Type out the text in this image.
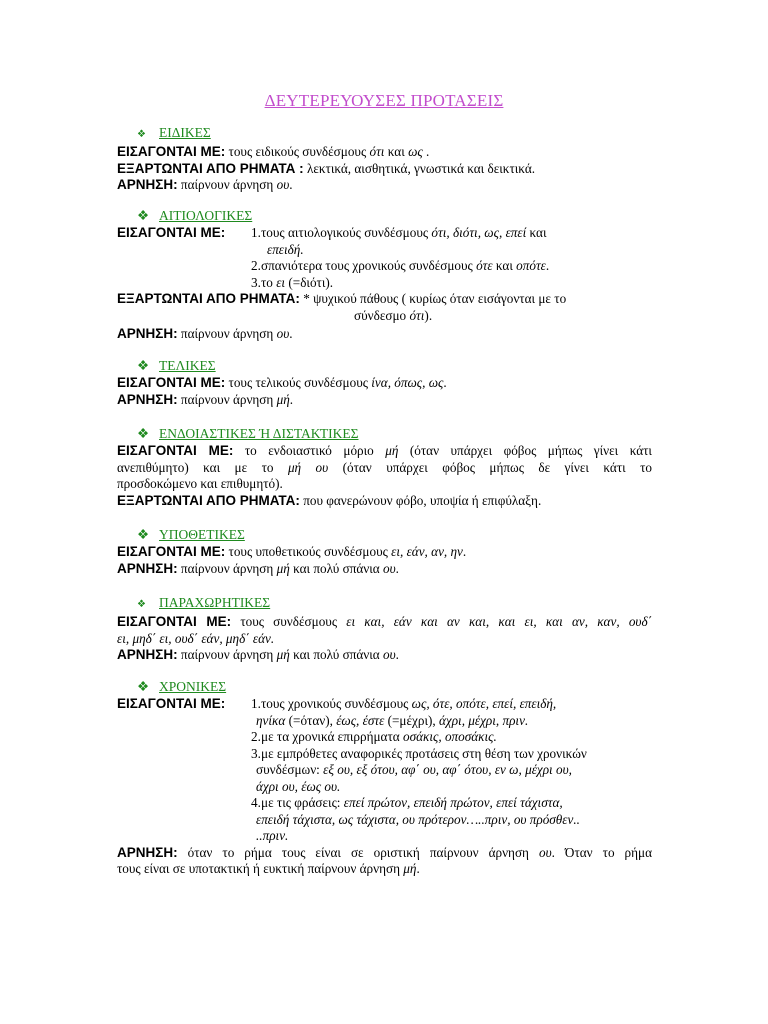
ΔΕΥΤΕΡΕΥΟΥΣΕΣ ΠΡΟΤΑΣΕΙΣ
❖ ΕΙΔΙΚΕΣ
ΕΙΣΑΓΟΝΤΑΙ ΜΕ: τους ειδικούς συνδέσμους ότι και ως .
ΕΞΑΡΤΩΝΤΑΙ ΑΠΟ ΡΗΜΑΤΑ : λεκτικά, αισθητικά, γνωστικά και δεικτικά.
ΑΡΝΗΣΗ: παίρνουν άρνηση ου.
❖ ΑΙΤΙΟΛΟΓΙΚΕΣ
1. τους αιτιολογικούς συνδέσμους ότι, διότι, ως, επεί και
ΕΙΣΑΓΟΝΤΑΙ ΜΕ:
επειδή.
2. σπανιότερα τους χρονικούς συνδέσμους ότε και οπότε.
3. το ει (=διότι).
ΕΞΑΡΤΩΝΤΑΙ ΑΠΟ ΡΗΜΑΤΑ: * ψυχικού πάθους ( κυρίως όταν εισάγονται με το
σύνδεσμο ότι).
ΑΡΝΗΣΗ: παίρνουν άρνηση ου.
❖ ΤΕΛΙΚΕΣ
ΕΙΣΑΓΟΝΤΑΙ ΜΕ: τους τελικούς συνδέσμους ίνα, όπως, ως.
ΑΡΝΗΣΗ: παίρνουν άρνηση μή.
❖ ΕΝΔΟΙΑΣΤΙΚΕΣ Ή ΔΙΣΤΑΚΤΙΚΕΣ
ΕΙΣΑΓΟΝΤΑΙ ΜΕ: το ενδοιαστικό μόριο μή (όταν υπάρχει φόβος μήπως γίνει κάτι
ανεπιθύμητο) και με το μή ου (όταν υπάρχει φόβος μήπως δε γίνει κάτι το
προσδοκώμενο και επιθυμητό).
ΕΞΑΡΤΩΝΤΑΙ ΑΠΟ ΡΗΜΑΤΑ: που φανερώνουν φόβο, υποψία ή επιφύλαξη.
❖ ΥΠΟΘΕΤΙΚΕΣ
ΕΙΣΑΓΟΝΤΑΙ ΜΕ: τους υποθετικούς συνδέσμους ει, εάν, αν, ην.
ΑΡΝΗΣΗ: παίρνουν άρνηση μή και πολύ σπάνια ου.
❖ ΠΑΡΑΧΩΡΗΤΙΚΕΣ
ΕΙΣΑΓΟΝΤΑΙ ΜΕ: τους συνδέσμους ει και, εάν και αν και, και ει, και αν, καν, ουδ΄
ει, μηδ΄ ει, ουδ΄ εάν, μηδ΄ εάν.
ΑΡΝΗΣΗ: παίρνουν άρνηση μή και πολύ σπάνια ου.
❖ ΧΡΟΝΙΚΕΣ
1. τους χρονικούς συνδέσμους ως, ότε, οπότε, επεί, επειδή,
ΕΙΣΑΓΟΝΤΑΙ ΜΕ:
ηνίκα (=όταν), έως, έστε (=μέχρι), άχρι, μέχρι, πριν.
2. με τα χρονικά επιρρήματα οσάκις, οποσάκις.
3. με εμπρόθετες αναφορικές προτάσεις στη θέση των χρονικών
συνδέσμων: εξ ου, εξ ότου, αφ΄ ου, αφ΄ ότου, εν ω, μέχρι ου,
άχρι ου, έως ου.
4. με τις φράσεις: επεί πρώτον, επειδή πρώτον, επεί τάχιστα,
επειδή τάχιστα, ως τάχιστα, ου πρότερον…..πριν, ου πρόσθεν..
..πριν.
ΑΡΝΗΣΗ: όταν το ρήμα τους είναι σε οριστική παίρνουν άρνηση ου. Όταν το ρήμα
τους είναι σε υποτακτική ή ευκτική παίρνουν άρνηση μή.
